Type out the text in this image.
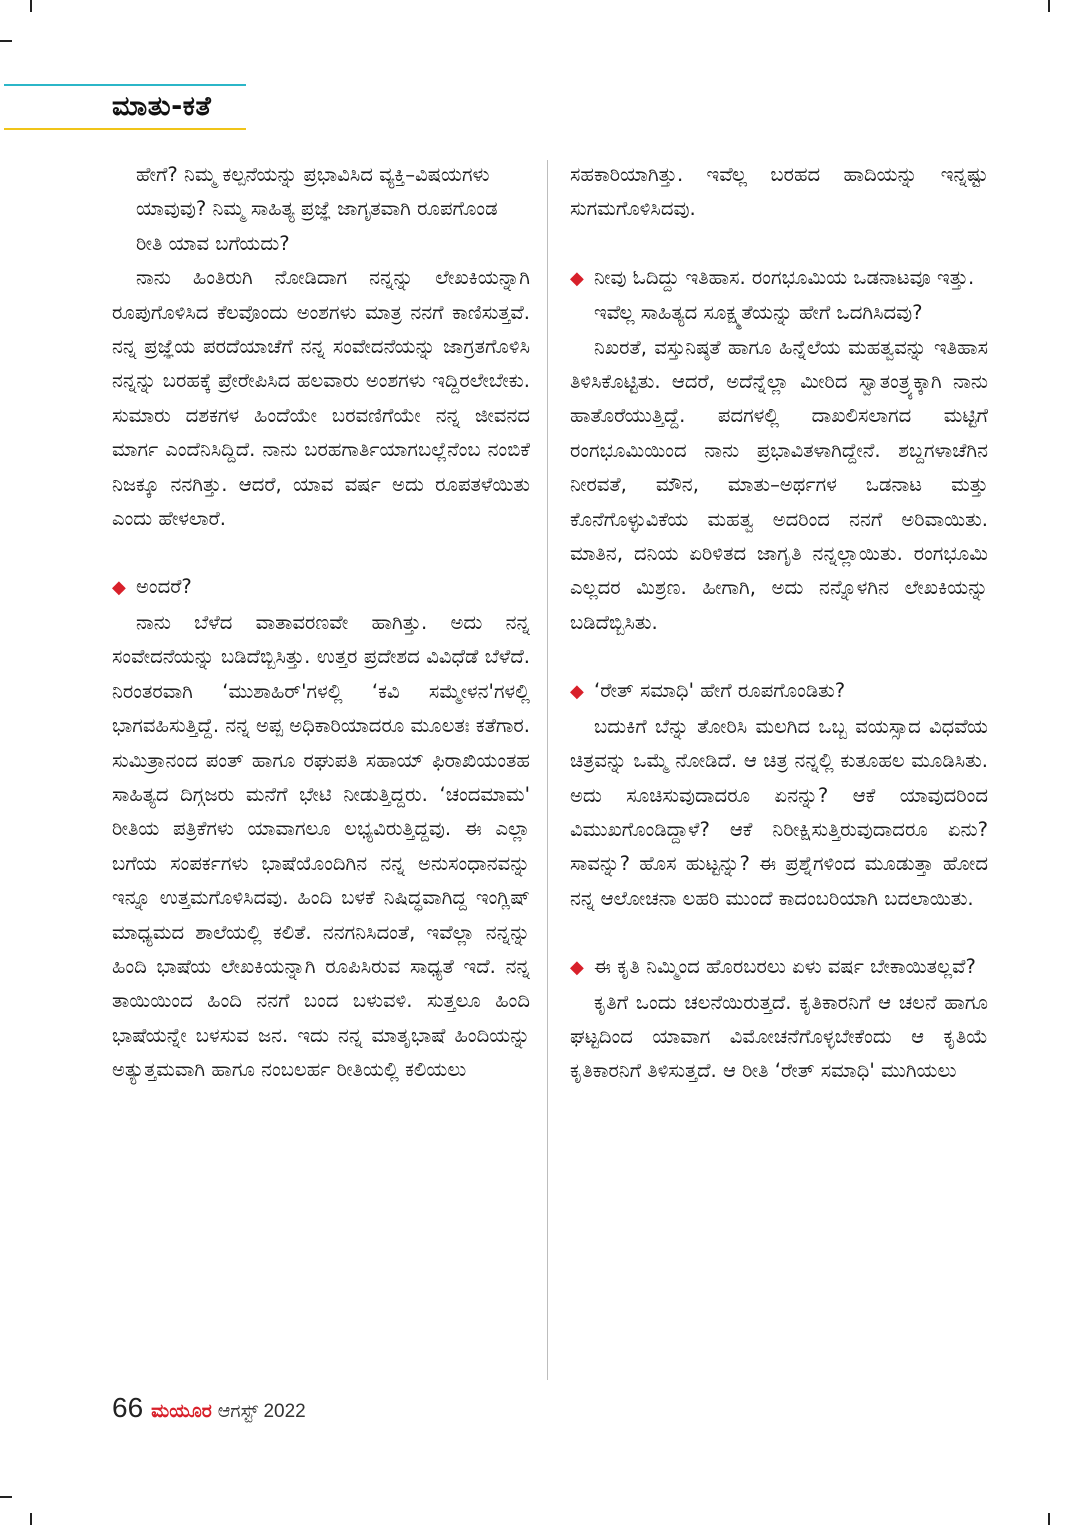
ಮಾತು-ಕತೆ
ಹೇಗೆ? ನಿಮ್ಮ ಕಲ್ಪನೆಯನ್ನು ಪ್ರಭಾವಿಸಿದ ವ್ಯಕ್ತಿ–ವಿಷಯಗಳು ಯಾವುವು? ನಿಮ್ಮ ಸಾಹಿತ್ಯ ಪ್ರಜ್ಞೆ ಜಾಗೃತವಾಗಿ ರೂಪಗೊಂಡ ರೀತಿ ಯಾವ ಬಗೆಯದು?

ನಾನು ಹಿಂತಿರುಗಿ ನೋಡಿದಾಗ ನನ್ನನ್ನು ಲೇಖಕಿಯನ್ನಾಗಿ ರೂಪುಗೊಳಿಸಿದ ಕೆಲವೊಂದು ಅಂಶಗಳು ಮಾತ್ರ ನನಗೆ ಕಾಣಿಸುತ್ತವೆ. ನನ್ನ ಪ್ರಜ್ಞೆಯ ಪರದೆಯಾಚೆಗೆ ನನ್ನ ಸಂವೇದನೆಯನ್ನು ಜಾಗ್ರತಗೊಳಿಸಿ ನನ್ನನ್ನು ಬರಹಕ್ಕೆ ಪ್ರೇರೇಪಿಸಿದ ಹಲವಾರು ಅಂಶಗಳು ಇದ್ದಿರಲೇಬೇಕು. ಸುಮಾರು ದಶಕಗಳ ಹಿಂದೆಯೇ ಬರವಣಿಗೆಯೇ ನನ್ನ ಜೀವನದ ಮಾರ್ಗ ಎಂದೆನಿಸಿದ್ದಿದೆ. ನಾನು ಬರಹಗಾರ್ತಿಯಾಗಬಲ್ಲೆನೆಂಬ ನಂಬಿಕೆ ನಿಜಕ್ಕೂ ನನಗಿತ್ತು. ಆದರೆ, ಯಾವ ವರ್ಷ ಅದು ರೂಪತಳೆಯಿತು ಎಂದು ಹೇಳಲಾರೆ.

◆ ಅಂದರೆ?

ನಾನು ಬೆಳೆದ ವಾತಾವರಣವೇ ಹಾಗಿತ್ತು. ಅದು ನನ್ನ ಸಂವೇದನೆಯನ್ನು ಬಡಿದೆಬ್ಬಿಸಿತ್ತು. ಉತ್ತರ ಪ್ರದೇಶದ ವಿವಿಧೆಡೆ ಬೆಳೆದೆ. ನಿರಂತರವಾಗಿ ‘ಮುಶಾಹಿರ್'ಗಳಲ್ಲಿ ‘ಕವಿ ಸಮ್ಮೇಳನ'ಗಳಲ್ಲಿ ಭಾಗವಹಿಸುತ್ತಿದ್ದೆ. ನನ್ನ ಅಪ್ಪ ಅಧಿಕಾರಿಯಾದರೂ ಮೂಲತಃ ಕತೆಗಾರ. ಸುಮಿತ್ರಾನಂದ ಪಂತ್ ಹಾಗೂ ರಘುಪತಿ ಸಹಾಯ್ ಫಿರಾಖಿಯಂತಹ ಸಾಹಿತ್ಯದ ದಿಗ್ಗಜರು ಮನೆಗೆ ಭೇಟಿ ನೀಡುತ್ತಿದ್ದರು. ‘ಚಂದಮಾಮ' ರೀತಿಯ ಪತ್ರಿಕೆಗಳು ಯಾವಾಗಲೂ ಲಭ್ಯವಿರುತ್ತಿದ್ದವು. ಈ ಎಲ್ಲಾ ಬಗೆಯ ಸಂಪರ್ಕಗಳು ಭಾಷೆಯೊಂದಿಗಿನ ನನ್ನ ಅನುಸಂಧಾನವನ್ನು ಇನ್ನೂ ಉತ್ತಮಗೊಳಿಸಿದವು. ಹಿಂದಿ ಬಳಕೆ ನಿಷಿದ್ಧವಾಗಿದ್ದ ಇಂಗ್ಲಿಷ್ ಮಾಧ್ಯಮದ ಶಾಲೆಯಲ್ಲಿ ಕಲಿತೆ. ನನಗನಿಸಿದಂತೆ, ಇವೆಲ್ಲಾ ನನ್ನನ್ನು ಹಿಂದಿ ಭಾಷೆಯ ಲೇಖಕಿಯನ್ನಾಗಿ ರೂಪಿಸಿರುವ ಸಾಧ್ಯತೆ ಇದೆ. ನನ್ನ ತಾಯಿಯಿಂದ ಹಿಂದಿ ನನಗೆ ಬಂದ ಬಳುವಳಿ. ಸುತ್ತಲೂ ಹಿಂದಿ ಭಾಷೆಯನ್ನೇ ಬಳಸುವ ಜನ. ಇದು ನನ್ನ ಮಾತೃಭಾಷೆ ಹಿಂದಿಯನ್ನು ಅತ್ಯುತ್ತಮವಾಗಿ ಹಾಗೂ ನಂಬಲರ್ಹ ರೀತಿಯಲ್ಲಿ ಕಲಿಯಲು

ಸಹಕಾರಿಯಾಗಿತ್ತು. ಇವೆಲ್ಲ ಬರಹದ ಹಾದಿಯನ್ನು ಇನ್ನಷ್ಟು ಸುಗಮಗೊಳಿಸಿದವು.

◆ ನೀವು ಓದಿದ್ದು ಇತಿಹಾಸ. ರಂಗಭೂಮಿಯ ಒಡನಾಟವೂ ಇತ್ತು. ಇವೆಲ್ಲ ಸಾಹಿತ್ಯದ ಸೂಕ್ಷ್ಮತೆಯನ್ನು ಹೇಗೆ ಒದಗಿಸಿದವು?

ನಿಖರತೆ, ವಸ್ತುನಿಷ್ಠತೆ ಹಾಗೂ ಹಿನ್ನೆಲೆಯ ಮಹತ್ವವನ್ನು ಇತಿಹಾಸ ತಿಳಿಸಿಕೊಟ್ಟಿತು. ಆದರೆ, ಅದೆನ್ನೆಲ್ಲಾ ಮೀರಿದ ಸ್ವಾತಂತ್ರ್ಯಕ್ಕಾಗಿ ನಾನು ಹಾತೊರೆಯುತ್ತಿದ್ದೆ. ಪದಗಳಲ್ಲಿ ದಾಖಲಿಸಲಾಗದ ಮಟ್ಟಿಗೆ ರಂಗಭೂಮಿಯಿಂದ ನಾನು ಪ್ರಭಾವಿತಳಾಗಿದ್ದೇನೆ. ಶಬ್ದಗಳಾಚೆಗಿನ ನೀರವತೆ, ಮೌನ, ಮಾತು–ಅರ್ಥಗಳ ಒಡನಾಟ ಮತ್ತು ಕೊನೆಗೊಳ್ಳುವಿಕೆಯ ಮಹತ್ವ ಅದರಿಂದ ನನಗೆ ಅರಿವಾಯಿತು. ಮಾತಿನ, ದನಿಯ ಏರಿಳಿತದ ಜಾಗೃತಿ ನನ್ನಲ್ಲಾಯಿತು. ರಂಗಭೂಮಿ ಎಲ್ಲದರ ಮಿಶ್ರಣ. ಹೀಗಾಗಿ, ಅದು ನನ್ನೊಳಗಿನ ಲೇಖಕಿಯನ್ನು ಬಡಿದೆಬ್ಬಿಸಿತು.

◆ ‘ರೇತ್ ಸಮಾಧಿ' ಹೇಗೆ ರೂಪಗೊಂಡಿತು?

ಬದುಕಿಗೆ ಬೆನ್ನು ತೋರಿಸಿ ಮಲಗಿದ ಒಬ್ಬ ವಯಸ್ಸಾದ ವಿಧವೆಯ ಚಿತ್ರವನ್ನು ಒಮ್ಮೆ ನೋಡಿದೆ. ಆ ಚಿತ್ರ ನನ್ನಲ್ಲಿ ಕುತೂಹಲ ಮೂಡಿಸಿತು. ಅದು ಸೂಚಿಸುವುದಾದರೂ ಏನನ್ನು? ಆಕೆ ಯಾವುದರಿಂದ ವಿಮುಖಗೊಂಡಿದ್ದಾಳೆ? ಆಕೆ ನಿರೀಕ್ಷಿಸುತ್ತಿರುವುದಾದರೂ ಏನು? ಸಾವನ್ನು? ಹೊಸ ಹುಟ್ಟನ್ನು? ಈ ಪ್ರಶ್ನೆಗಳಿಂದ ಮೂಡುತ್ತಾ ಹೋದ ನನ್ನ ಆಲೋಚನಾ ಲಹರಿ ಮುಂದೆ ಕಾದಂಬರಿಯಾಗಿ ಬದಲಾಯಿತು.

◆ ಈ ಕೃತಿ ನಿಮ್ಮಿಂದ ಹೊರಬರಲು ಏಳು ವರ್ಷ ಬೇಕಾಯಿತಲ್ಲವೆ?

ಕೃತಿಗೆ ಒಂದು ಚಲನೆಯಿರುತ್ತದೆ. ಕೃತಿಕಾರನಿಗೆ ಆ ಚಲನೆ ಹಾಗೂ ಘಟ್ಟದಿಂದ ಯಾವಾಗ ವಿಮೋಚನೆಗೊಳ್ಳಬೇಕೆಂದು ಆ ಕೃತಿಯೆ ಕೃತಿಕಾರನಿಗೆ ತಿಳಿಸುತ್ತದೆ. ಆ ರೀತಿ ‘ರೇತ್ ಸಮಾಧಿ' ಮುಗಿಯಲು

66 ಮಯೂರ ಆಗಸ್ಟ್ 2022
